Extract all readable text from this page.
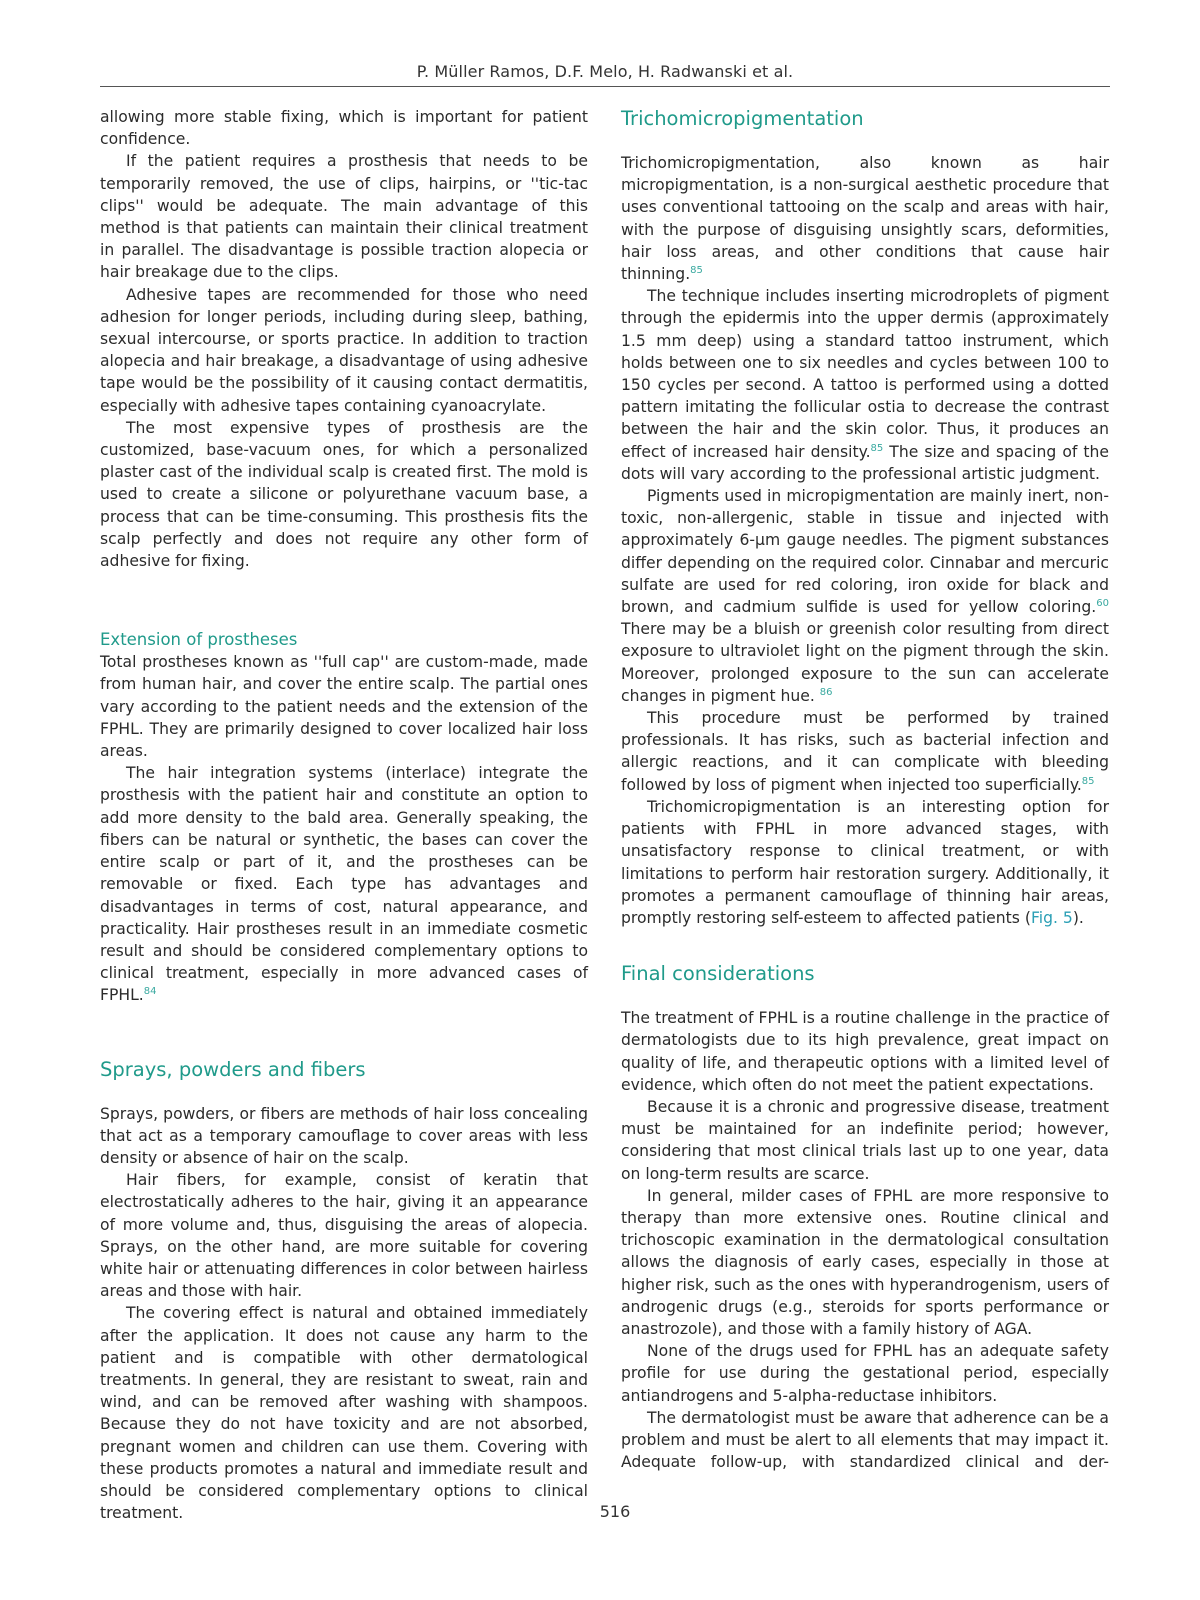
P. Müller Ramos, D.F. Melo, H. Radwanski et al.

allowing more stable fixing, which is important for patient confidence.

If the patient requires a prosthesis that needs to be temporarily removed, the use of clips, hairpins, or ''tic-tac clips'' would be adequate. The main advantage of this method is that patients can maintain their clinical treatment in parallel. The disadvantage is possible traction alopecia or hair breakage due to the clips.

Adhesive tapes are recommended for those who need adhesion for longer periods, including during sleep, bathing, sexual intercourse, or sports practice. In addition to traction alopecia and hair breakage, a disadvantage of using adhesive tape would be the possibility of it causing contact dermatitis, especially with adhesive tapes containing cyanoacrylate.

The most expensive types of prosthesis are the customized, base-vacuum ones, for which a personalized plaster cast of the individual scalp is created first. The mold is used to create a silicone or polyurethane vacuum base, a process that can be time-consuming. This prosthesis fits the scalp perfectly and does not require any other form of adhesive for fixing.

Extension of prostheses

Total prostheses known as ''full cap'' are custom-made, made from human hair, and cover the entire scalp. The partial ones vary according to the patient needs and the extension of the FPHL. They are primarily designed to cover localized hair loss areas.

The hair integration systems (interlace) integrate the prosthesis with the patient hair and constitute an option to add more density to the bald area. Generally speaking, the fibers can be natural or synthetic, the bases can cover the entire scalp or part of it, and the prostheses can be removable or fixed. Each type has advantages and disadvantages in terms of cost, natural appearance, and practicality. Hair prostheses result in an immediate cosmetic result and should be considered complementary options to clinical treatment, especially in more advanced cases of FPHL.$^{84}$

Sprays, powders and fibers

Sprays, powders, or fibers are methods of hair loss concealing that act as a temporary camouflage to cover areas with less density or absence of hair on the scalp.

Hair fibers, for example, consist of keratin that electrostatically adheres to the hair, giving it an appearance of more volume and, thus, disguising the areas of alopecia. Sprays, on the other hand, are more suitable for covering white hair or attenuating differences in color between hairless areas and those with hair.

The covering effect is natural and obtained immediately after the application. It does not cause any harm to the patient and is compatible with other dermatological treatments. In general, they are resistant to sweat, rain and wind, and can be removed after washing with shampoos. Because they do not have toxicity and are not absorbed, pregnant women and children can use them. Covering with these products promotes a natural and immediate result and should be considered complementary options to clinical treatment.

Trichomicropigmentation

Trichomicropigmentation, also known as hair micropigmentation, is a non-surgical aesthetic procedure that uses conventional tattooing on the scalp and areas with hair, with the purpose of disguising unsightly scars, deformities, hair loss areas, and other conditions that cause hair thinning.$^{85}$

The technique includes inserting microdroplets of pigment through the epidermis into the upper dermis (approximately 1.5 mm deep) using a standard tattoo instrument, which holds between one to six needles and cycles between 100 to 150 cycles per second. A tattoo is performed using a dotted pattern imitating the follicular ostia to decrease the contrast between the hair and the skin color. Thus, it produces an effect of increased hair density.$^{85}$ The size and spacing of the dots will vary according to the professional artistic judgment.

Pigments used in micropigmentation are mainly inert, non-toxic, non-allergenic, stable in tissue and injected with approximately 6-µm gauge needles. The pigment substances differ depending on the required color. Cinnabar and mercuric sulfate are used for red coloring, iron oxide for black and brown, and cadmium sulfide is used for yellow coloring.$^{60}$ There may be a bluish or greenish color resulting from direct exposure to ultraviolet light on the pigment through the skin. Moreover, prolonged exposure to the sun can accelerate changes in pigment hue. $^{86}$

This procedure must be performed by trained professionals. It has risks, such as bacterial infection and allergic reactions, and it can complicate with bleeding followed by loss of pigment when injected too superficially.$^{85}$

Trichomicropigmentation is an interesting option for patients with FPHL in more advanced stages, with unsatisfactory response to clinical treatment, or with limitations to perform hair restoration surgery. Additionally, it promotes a permanent camouflage of thinning hair areas, promptly restoring self-esteem to affected patients (Fig. 5).

Final considerations

The treatment of FPHL is a routine challenge in the practice of dermatologists due to its high prevalence, great impact on quality of life, and therapeutic options with a limited level of evidence, which often do not meet the patient expectations.

Because it is a chronic and progressive disease, treatment must be maintained for an indefinite period; however, considering that most clinical trials last up to one year, data on long-term results are scarce.

In general, milder cases of FPHL are more responsive to therapy than more extensive ones. Routine clinical and trichoscopic examination in the dermatological consultation allows the diagnosis of early cases, especially in those at higher risk, such as the ones with hyperandrogenism, users of androgenic drugs (e.g., steroids for sports performance or anastrozole), and those with a family history of AGA.

None of the drugs used for FPHL has an adequate safety profile for use during the gestational period, especially antiandrogens and 5-alpha-reductase inhibitors.

The dermatologist must be aware that adherence can be a problem and must be alert to all elements that may impact it. Adequate follow-up, with standardized clinical and der-

516
